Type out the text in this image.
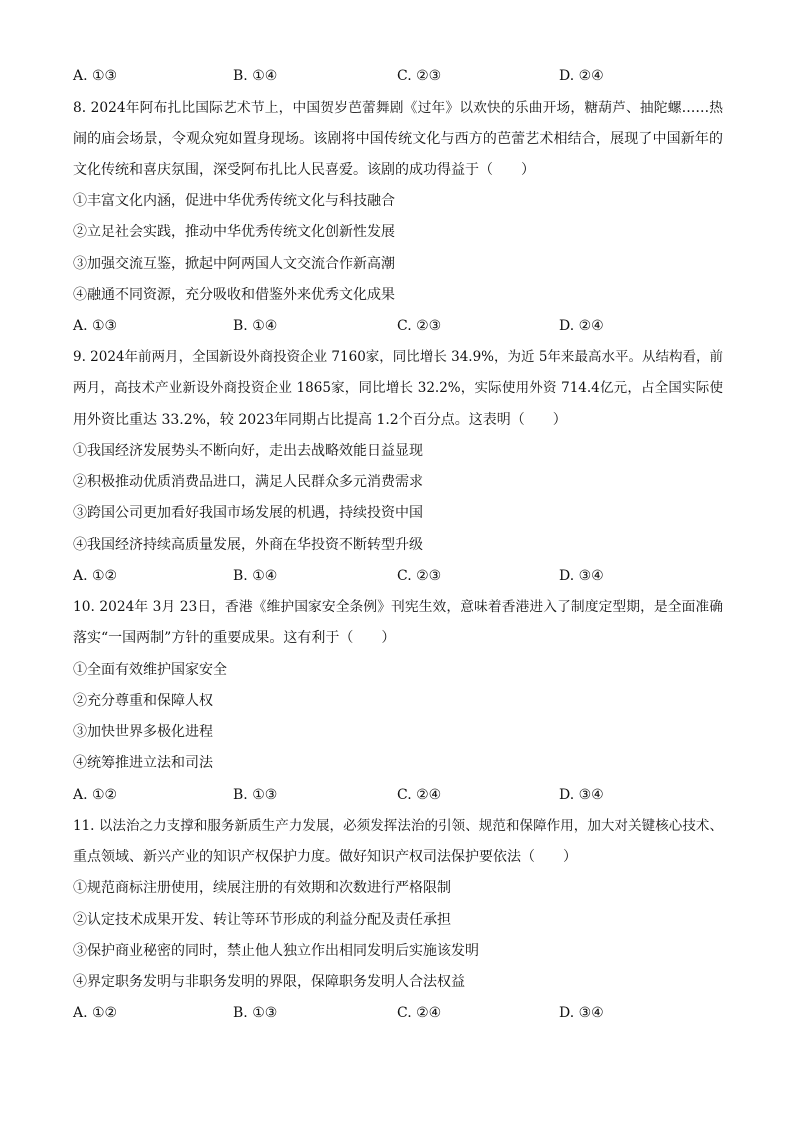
A. ①③	B. ①④	C. ②③	D. ②④
8. 2024年阿布扎比国际艺术节上，中国贺岁芭蕾舞剧《过年》以欢快的乐曲开场，糖葫芦、抽陀螺……热
闹的庙会场景，令观众宛如置身现场。该剧将中国传统文化与西方的芭蕾艺术相结合，展现了中国新年的
文化传统和喜庆氛围，深受阿布扎比人民喜爱。该剧的成功得益于（　　）
①丰富文化内涵，促进中华优秀传统文化与科技融合
②立足社会实践，推动中华优秀传统文化创新性发展
③加强交流互鉴，掀起中阿两国人文交流合作新高潮
④融通不同资源，充分吸收和借鉴外来优秀文化成果
A. ①③	B. ①④	C. ②③	D. ②④
9. 2024年前两月，全国新设外商投资企业 7160家，同比增长 34.9%，为近 5年来最高水平。从结构看，前
两月，高技术产业新设外商投资企业 1865家，同比增长 32.2%，实际使用外资 714.4亿元，占全国实际使
用外资比重达 33.2%，较 2023年同期占比提高 1.2个百分点。这表明（　　）
①我国经济发展势头不断向好，走出去战略效能日益显现
②积极推动优质消费品进口，满足人民群众多元消费需求
③跨国公司更加看好我国市场发展的机遇，持续投资中国
④我国经济持续高质量发展，外商在华投资不断转型升级
A. ①②	B. ①④	C. ②③	D. ③④
10. 2024年 3月 23日，香港《维护国家安全条例》刊宪生效，意味着香港进入了制度定型期，是全面准确
落实“一国两制”方针的重要成果。这有利于（　　）
①全面有效维护国家安全
②充分尊重和保障人权
③加快世界多极化进程
④统筹推进立法和司法
A. ①②	B. ①③	C. ②④	D. ③④
11. 以法治之力支撑和服务新质生产力发展，必须发挥法治的引领、规范和保障作用，加大对关键核心技术、
重点领域、新兴产业的知识产权保护力度。做好知识产权司法保护要依法（　　）
①规范商标注册使用，续展注册的有效期和次数进行严格限制
②认定技术成果开发、转让等环节形成的利益分配及责任承担
③保护商业秘密的同时，禁止他人独立作出相同发明后实施该发明
④界定职务发明与非职务发明的界限，保障职务发明人合法权益
A. ①②	B. ①③	C. ②④	D. ③④
